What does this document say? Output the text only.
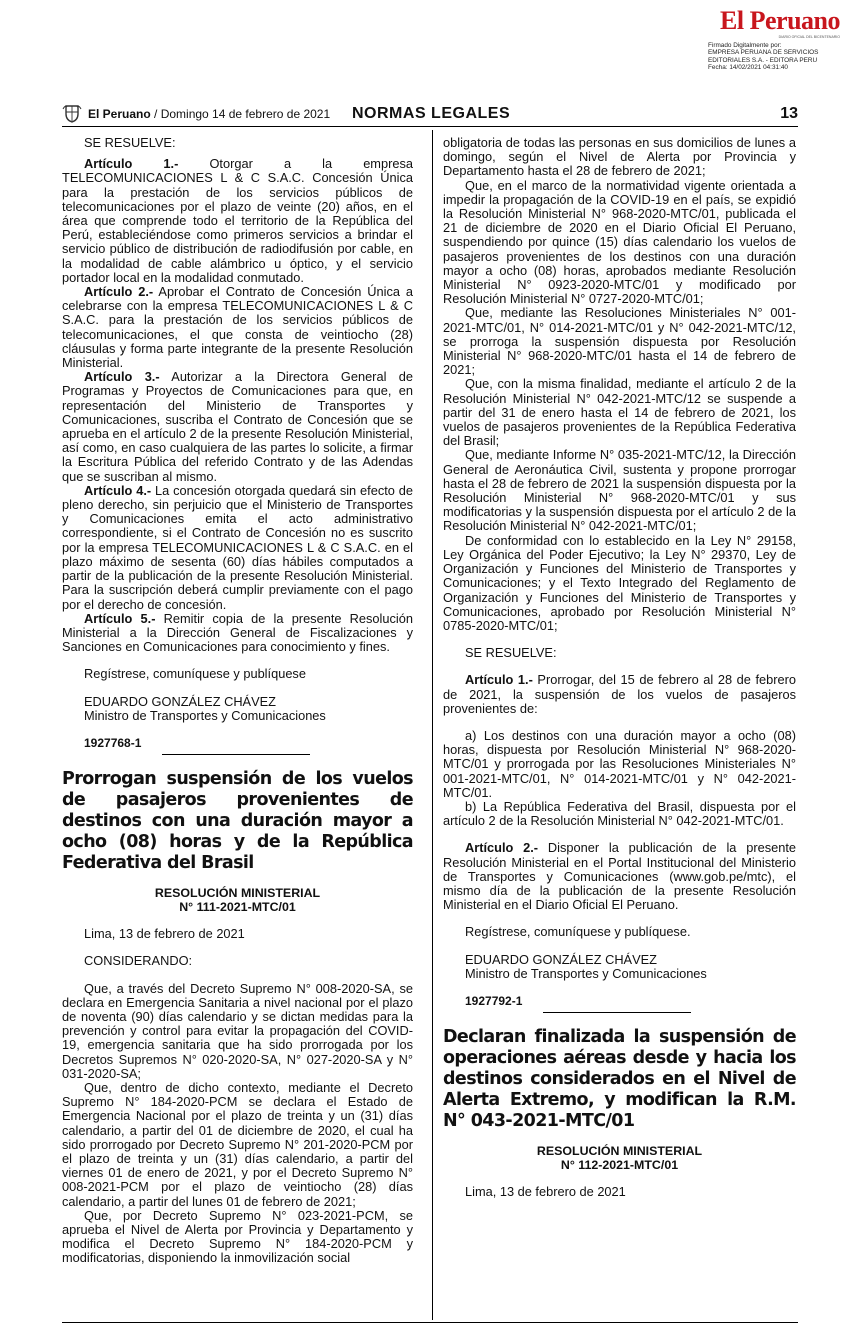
El Peruano
DIARIO OFICIAL DEL BICENTENARIO
Firmado Digitalmente por:
EMPRESA PERUANA DE SERVICIOS
EDITORIALES S.A. - EDITORA PERU
Fecha: 14/02/2021 04:31:40
El Peruano / Domingo 14 de febrero de 2021 NORMAS LEGALES	13

SE RESUELVE:

Artículo 1.- Otorgar a la empresa TELECOMUNICACIONES L & C S.A.C. Concesión Única para la prestación de los servicios públicos de telecomunicaciones por el plazo de veinte (20) años, en el área que comprende todo el territorio de la República del Perú, estableciéndose como primeros servicios a brindar el servicio público de distribución de radiodifusión por cable, en la modalidad de cable alámbrico u óptico, y el servicio portador local en la modalidad conmutado.

Artículo 2.- Aprobar el Contrato de Concesión Única a celebrarse con la empresa TELECOMUNICACIONES L & C S.A.C. para la prestación de los servicios públicos de telecomunicaciones, el que consta de veintiocho (28) cláusulas y forma parte integrante de la presente Resolución Ministerial.

Artículo 3.- Autorizar a la Directora General de Programas y Proyectos de Comunicaciones para que, en representación del Ministerio de Transportes y Comunicaciones, suscriba el Contrato de Concesión que se aprueba en el artículo 2 de la presente Resolución Ministerial, así como, en caso cualquiera de las partes lo solicite, a firmar la Escritura Pública del referido Contrato y de las Adendas que se suscriban al mismo.

Artículo 4.- La concesión otorgada quedará sin efecto de pleno derecho, sin perjuicio que el Ministerio de Transportes y Comunicaciones emita el acto administrativo correspondiente, si el Contrato de Concesión no es suscrito por la empresa TELECOMUNICACIONES L & C S.A.C. en el plazo máximo de sesenta (60) días hábiles computados a partir de la publicación de la presente Resolución Ministerial. Para la suscripción deberá cumplir previamente con el pago por el derecho de concesión.

Artículo 5.- Remitir copia de la presente Resolución Ministerial a la Dirección General de Fiscalizaciones y Sanciones en Comunicaciones para conocimiento y fines.

Regístrese, comuníquese y publíquese

EDUARDO GONZÁLEZ CHÁVEZ

Ministro de Transportes y Comunicaciones

1927768-1
Prorrogan suspensión de los vuelos de pasajeros provenientes de destinos con una duración mayor a ocho (08) horas y de la República Federativa del Brasil
RESOLUCIÓN MINISTERIAL
N° 111-2021-MTC/01

Lima, 13 de febrero de 2021

CONSIDERANDO:

Que, a través del Decreto Supremo N° 008-2020-SA, se declara en Emergencia Sanitaria a nivel nacional por el plazo de noventa (90) días calendario y se dictan medidas para la prevención y control para evitar la propagación del COVID-19, emergencia sanitaria que ha sido prorrogada por los Decretos Supremos N° 020-2020-SA, N° 027-2020-SA y N° 031-2020-SA;

Que, dentro de dicho contexto, mediante el Decreto Supremo N° 184-2020-PCM se declara el Estado de Emergencia Nacional por el plazo de treinta y un (31) días calendario, a partir del 01 de diciembre de 2020, el cual ha sido prorrogado por Decreto Supremo N° 201-2020-PCM por el plazo de treinta y un (31) días calendario, a partir del viernes 01 de enero de 2021, y por el Decreto Supremo N° 008-2021-PCM por el plazo de veintiocho (28) días calendario, a partir del lunes 01 de febrero de 2021;

Que, por Decreto Supremo N° 023-2021-PCM, se aprueba el Nivel de Alerta por Provincia y Departamento y modifica el Decreto Supremo N° 184-2020-PCM y modificatorias, disponiendo la inmovilización social

obligatoria de todas las personas en sus domicilios de lunes a domingo, según el Nivel de Alerta por Provincia y Departamento hasta el 28 de febrero de 2021;

Que, en el marco de la normatividad vigente orientada a impedir la propagación de la COVID-19 en el país, se expidió la Resolución Ministerial N° 968-2020-MTC/01, publicada el 21 de diciembre de 2020 en el Diario Oficial El Peruano, suspendiendo por quince (15) días calendario los vuelos de pasajeros provenientes de los destinos con una duración mayor a ocho (08) horas, aprobados mediante Resolución Ministerial N° 0923-2020-MTC/01 y modificado por Resolución Ministerial N° 0727-2020-MTC/01;

Que, mediante las Resoluciones Ministeriales N° 001-2021-MTC/01, N° 014-2021-MTC/01 y N° 042-2021-MTC/12, se prorroga la suspensión dispuesta por Resolución Ministerial N° 968-2020-MTC/01 hasta el 14 de febrero de 2021;

Que, con la misma finalidad, mediante el artículo 2 de la Resolución Ministerial N° 042-2021-MTC/12 se suspende a partir del 31 de enero hasta el 14 de febrero de 2021, los vuelos de pasajeros provenientes de la República Federativa del Brasil;

Que, mediante Informe N° 035-2021-MTC/12, la Dirección General de Aeronáutica Civil, sustenta y propone prorrogar hasta el 28 de febrero de 2021 la suspensión dispuesta por la Resolución Ministerial N° 968-2020-MTC/01 y sus modificatorias y la suspensión dispuesta por el artículo 2 de la Resolución Ministerial N° 042-2021-MTC/01;

De conformidad con lo establecido en la Ley N° 29158, Ley Orgánica del Poder Ejecutivo; la Ley N° 29370, Ley de Organización y Funciones del Ministerio de Transportes y Comunicaciones; y el Texto Integrado del Reglamento de Organización y Funciones del Ministerio de Transportes y Comunicaciones, aprobado por Resolución Ministerial N° 0785-2020-MTC/01;

SE RESUELVE:

Artículo 1.- Prorrogar, del 15 de febrero al 28 de febrero de 2021, la suspensión de los vuelos de pasajeros provenientes de:

a) Los destinos con una duración mayor a ocho (08) horas, dispuesta por Resolución Ministerial N° 968-2020-MTC/01 y prorrogada por las Resoluciones Ministeriales N° 001-2021-MTC/01, N° 014-2021-MTC/01 y N° 042-2021-MTC/01.

b) La República Federativa del Brasil, dispuesta por el artículo 2 de la Resolución Ministerial N° 042-2021-MTC/01.

Artículo 2.- Disponer la publicación de la presente Resolución Ministerial en el Portal Institucional del Ministerio de Transportes y Comunicaciones (www.gob.pe/mtc), el mismo día de la publicación de la presente Resolución Ministerial en el Diario Oficial El Peruano.

Regístrese, comuníquese y publíquese.

EDUARDO GONZÁLEZ CHÁVEZ

Ministro de Transportes y Comunicaciones

1927792-1
Declaran finalizada la suspensión de operaciones aéreas desde y hacia los destinos considerados en el Nivel de Alerta Extremo, y modifican la R.M. N° 043-2021-MTC/01
RESOLUCIÓN MINISTERIAL
N° 112-2021-MTC/01

Lima, 13 de febrero de 2021
